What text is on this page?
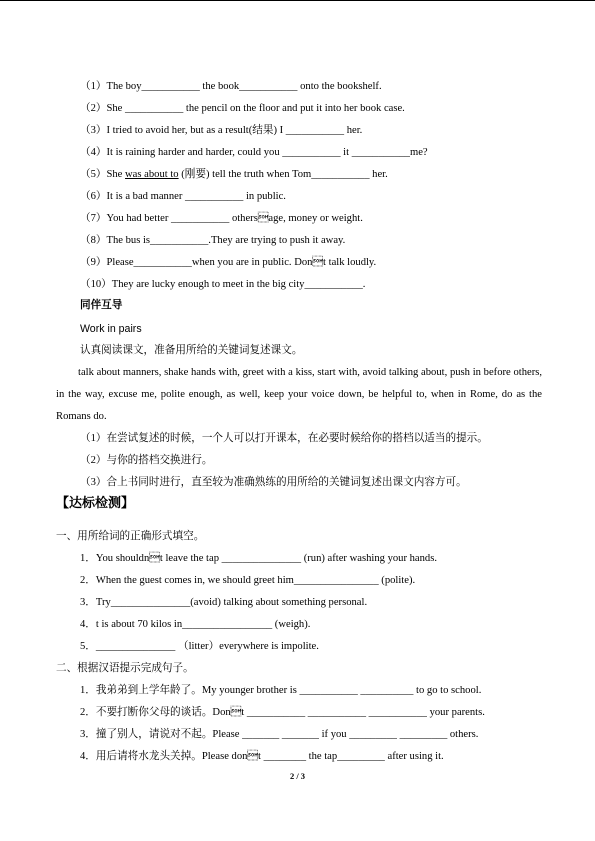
（1）The boy___________ the book___________ onto the bookshelf.
（2）She ___________ the pencil on the floor and put it into her book case.
（3）I tried to avoid her, but as a result(结果) I ___________ her.
（4）It is raining harder and harder, could you ___________ it ___________me?
（5）She was about to (刚要) tell the truth when Tom___________ her.
（6）It is a bad manner ___________ in public.
（7）You had better ___________ othersage, money or weight.
（8）The bus is___________.They are trying to push it away.
（9）Please___________when you are in public. Dont talk loudly.
（10）They are lucky enough to meet in the big city___________.
同伴互导
Work in pairs
认真阅读课文，准备用所给的关键词复述课文。
talk about manners, shake hands with, greet with a kiss, start with, avoid talking about, push in before others, in the way, excuse me, polite enough, as well, keep your voice down, be helpful to, when in Rome, do as the Romans do.
（1）在尝试复述的时候，一个人可以打开课本，在必要时候给你的搭档以适当的提示。
（2）与你的搭档交换进行。
（3）合上书同时进行，直至较为准确熟练的用所给的关键词复述出课文内容方可。
【达标检测】
一、用所给词的正确形式填空。
1．You shouldnt leave the tap _______________ (run) after washing your hands.
2．When the guest comes in, we should greet him________________ (polite).
3．Try_______________(avoid) talking about something personal.
4．t is about 70 kilos in_________________ (weigh).
5．_______________ （litter）everywhere is impolite.
二、根据汉语提示完成句子。
1．我弟弟到上学年龄了。My younger brother is ___________ __________ to go to school.
2．不要打断你父母的谈话。Dont ___________ ___________ ___________ your parents.
3．撞了别人，请说对不起。Please _______ _______ if you _________ _________ others.
4．用后请将水龙头关掉。Please dont ________ the tap_________ after using it.
2 / 3
